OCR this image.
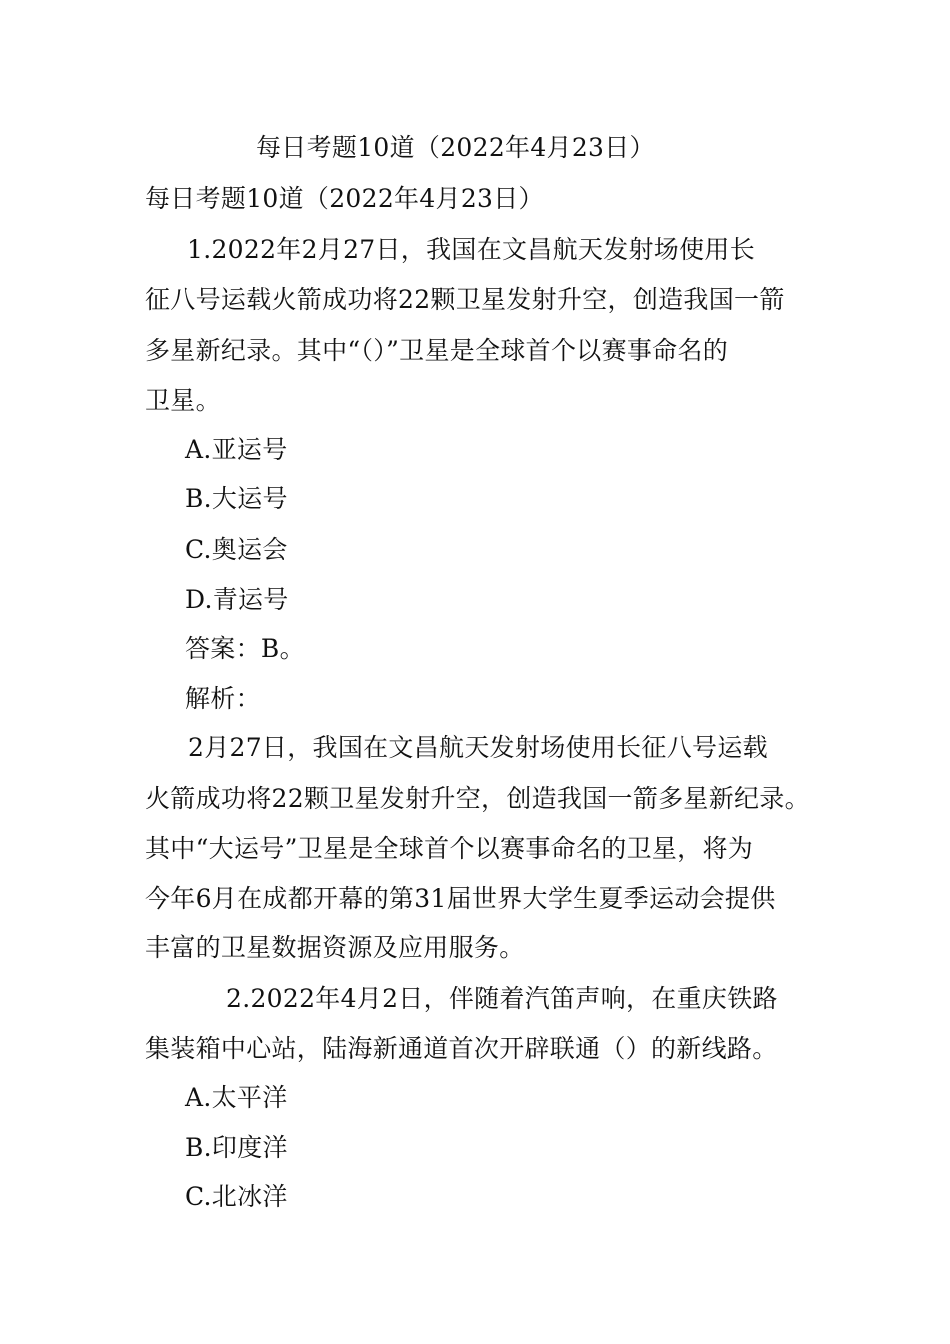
每日考题10道（2022年4月23日）
每日考题10道（2022年4月23日）
1.2022年2月27日，我国在文昌航天发射场使用长
征八号运载火箭成功将22颗卫星发射升空，创造我国一箭
多星新纪录。其中“（）”卫星是全球首个以赛事命名的
卫星。
A.亚运号
B.大运号
C.奥运会
D.青运号
答案：B。
解析：
2月27日，我国在文昌航天发射场使用长征八号运载
火箭成功将22颗卫星发射升空，创造我国一箭多星新纪录。
其中“大运号”卫星是全球首个以赛事命名的卫星，将为
今年6月在成都开幕的第31届世界大学生夏季运动会提供
丰富的卫星数据资源及应用服务。
2.2022年4月2日，伴随着汽笛声响，在重庆铁路
集装箱中心站，陆海新通道首次开辟联通（）的新线路。
A.太平洋
B.印度洋
C.北冰洋
